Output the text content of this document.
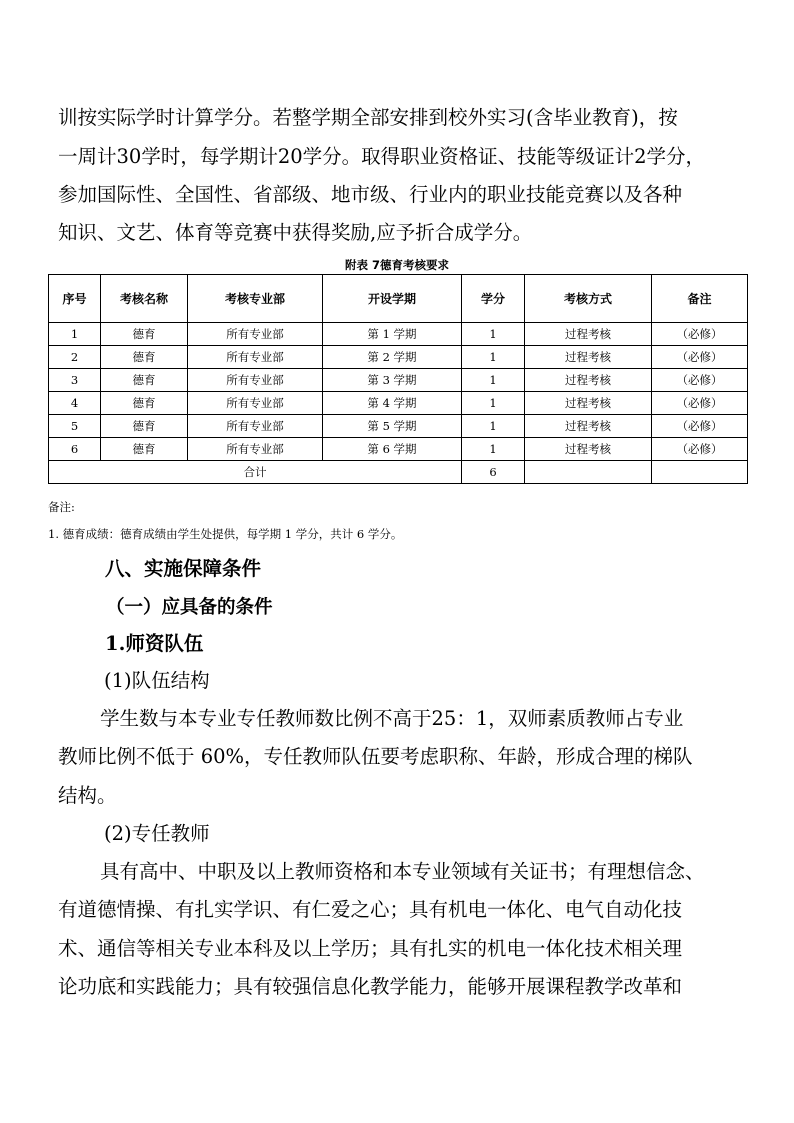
训按实际学时计算学分。若整学期全部安排到校外实习(含毕业教育)，按
一周计30学时，每学期计20学分。取得职业资格证、技能等级证计2学分，
参加国际性、全国性、省部级、地市级、行业内的职业技能竞赛以及各种
知识、文艺、体育等竞赛中获得奖励,应予折合成学分。
附表 7德育考核要求
序号	考核名称	考核专业部	开设学期	学分	考核方式	备注
1	德育	所有专业部	第 1 学期	1	过程考核	（必修）
2	德育	所有专业部	第 2 学期	1	过程考核	（必修）
3	德育	所有专业部	第 3 学期	1	过程考核	（必修）
4	德育	所有专业部	第 4 学期	1	过程考核	（必修）
5	德育	所有专业部	第 5 学期	1	过程考核	（必修）
6	德育	所有专业部	第 6 学期	1	过程考核	（必修）
合计				6		
备注:
1. 德育成绩：德育成绩由学生处提供，每学期 1 学分，共计 6 学分。
八、实施保障条件
（一）应具备的条件
1.师资队伍
(1)队伍结构
学生数与本专业专任教师数比例不高于25：1，双师素质教师占专业
教师比例不低于 60%，专任教师队伍要考虑职称、年龄，形成合理的梯队
结构。
(2)专任教师
具有高中、中职及以上教师资格和本专业领域有关证书；有理想信念、
有道德情操、有扎实学识、有仁爱之心；具有机电一体化、电气自动化技
术、通信等相关专业本科及以上学历；具有扎实的机电一体化技术相关理
论功底和实践能力；具有较强信息化教学能力，能够开展课程教学改革和
